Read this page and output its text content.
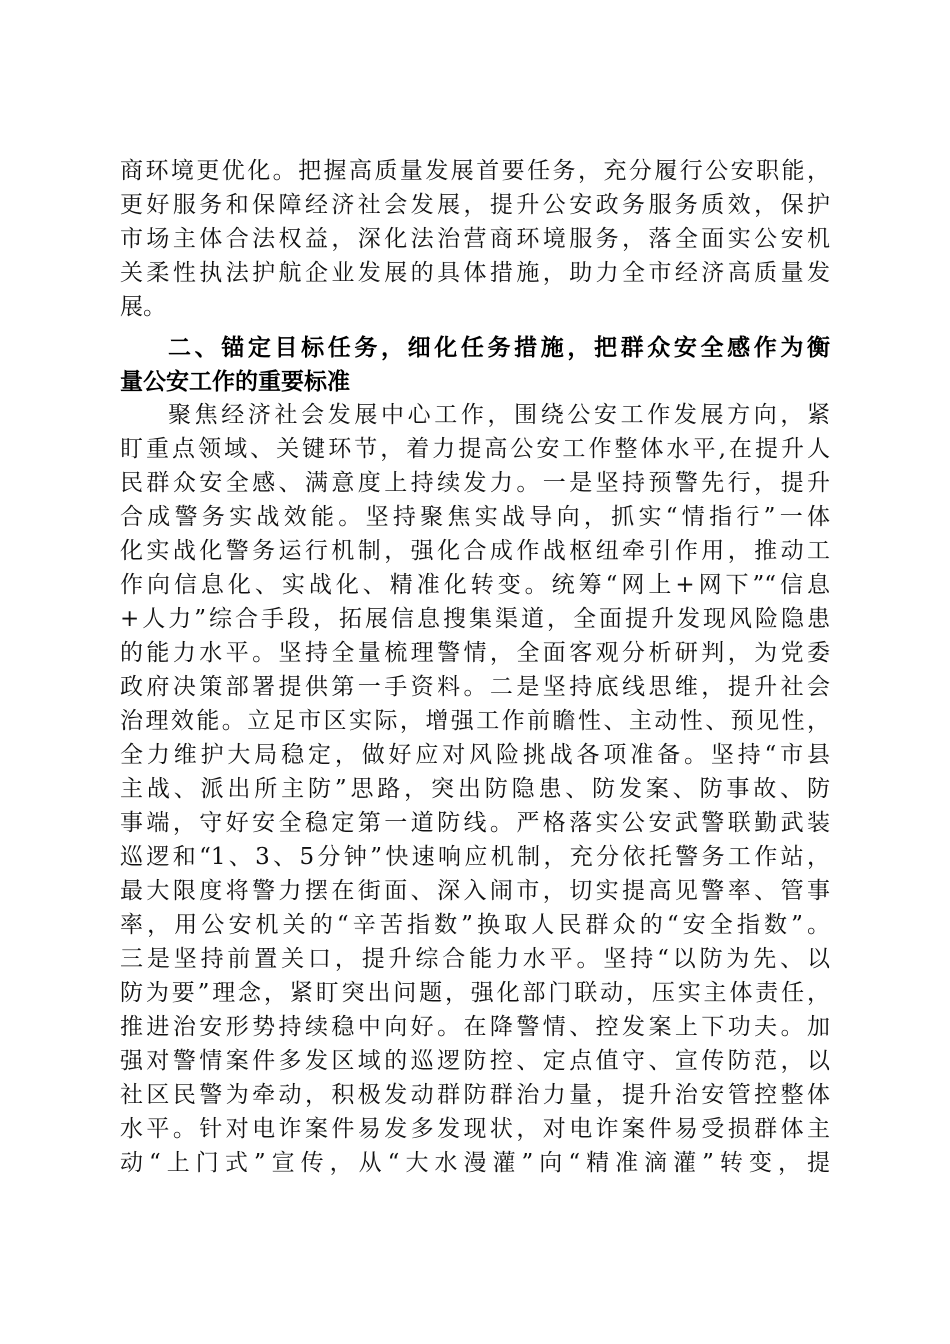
商环境更优化。把握高质量发展首要任务，充分履行公安职能，

更好服务和保障经济社会发展，提升公安政务服务质效，保护

市场主体合法权益，深化法治营商环境服务，落全面实公安机

关柔性执法护航企业发展的具体措施，助力全市经济高质量发

展。

二、锚定目标任务，细化任务措施，把群众安全感作为衡

量公安工作的重要标准

聚焦经济社会发展中心工作，围绕公安工作发展方向，紧

盯重点领域、关键环节，着力提高公安工作整体水平,在提升人

民群众安全感、满意度上持续发力。一是坚持预警先行，提升

合成警务实战效能。坚持聚焦实战导向，抓实“情指行”一体

化实战化警务运行机制，强化合成作战枢纽牵引作用，推动工

作向信息化、实战化、精准化转变。统筹“网上+网下”“信息

+人力”综合手段，拓展信息搜集渠道，全面提升发现风险隐患

的能力水平。坚持全量梳理警情，全面客观分析研判，为党委

政府决策部署提供第一手资料。二是坚持底线思维，提升社会

治理效能。立足市区实际，增强工作前瞻性、主动性、预见性，

全力维护大局稳定，做好应对风险挑战各项准备。坚持“市县

主战、派出所主防”思路，突出防隐患、防发案、防事故、防

事端，守好安全稳定第一道防线。严格落实公安武警联勤武装

巡逻和“1、3、5分钟”快速响应机制，充分依托警务工作站，

最大限度将警力摆在街面、深入闹市，切实提高见警率、管事

率，用公安机关的“辛苦指数”换取人民群众的“安全指数”。

三是坚持前置关口，提升综合能力水平。坚持“以防为先、以

防为要”理念，紧盯突出问题，强化部门联动，压实主体责任，

推进治安形势持续稳中向好。在降警情、控发案上下功夫。加

强对警情案件多发区域的巡逻防控、定点值守、宣传防范，以

社区民警为牵动，积极发动群防群治力量，提升治安管控整体

水平。针对电诈案件易发多发现状，对电诈案件易受损群体主

动“上门式”宣传，从“大水漫灌”向“精准滴灌”转变，提
